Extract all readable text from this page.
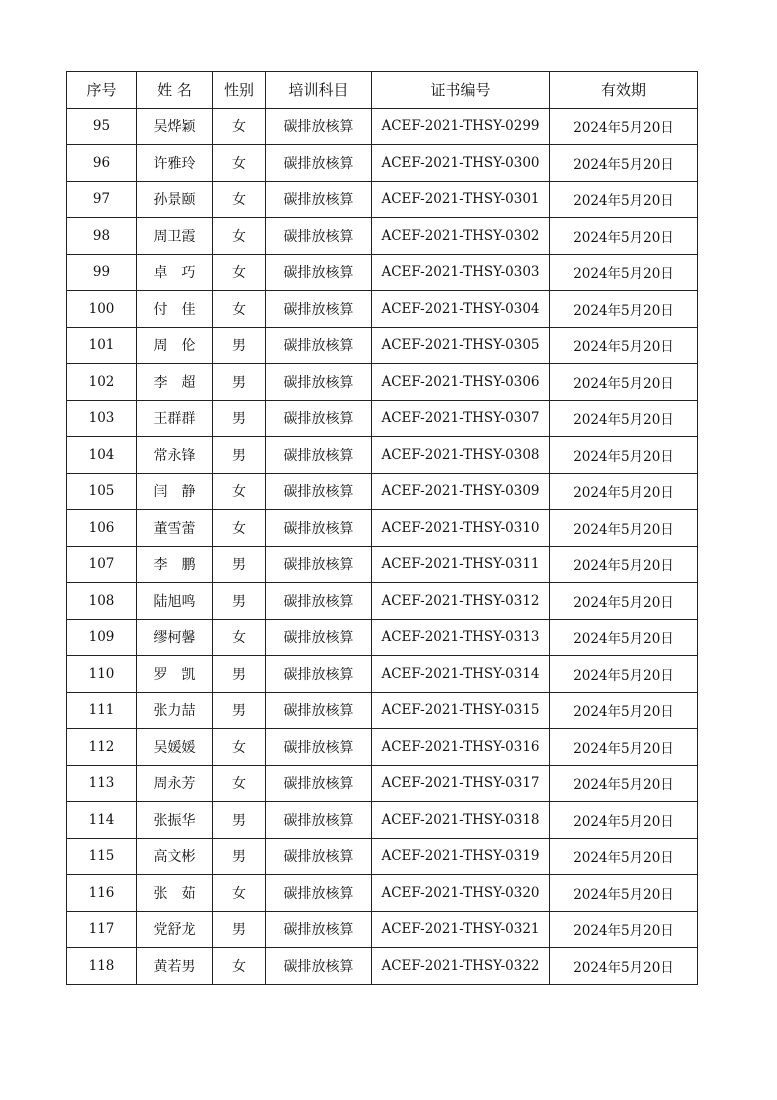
序号	姓 名	性别	培训科目	证书编号	有效期
95	吴烨颖	女	碳排放核算	ACEF-2021-THSY-0299	2024年5月20日
96	许雅玲	女	碳排放核算	ACEF-2021-THSY-0300	2024年5月20日
97	孙景颐	女	碳排放核算	ACEF-2021-THSY-0301	2024年5月20日
98	周卫霞	女	碳排放核算	ACEF-2021-THSY-0302	2024年5月20日
99	卓　巧	女	碳排放核算	ACEF-2021-THSY-0303	2024年5月20日
100	付　佳	女	碳排放核算	ACEF-2021-THSY-0304	2024年5月20日
101	周　伦	男	碳排放核算	ACEF-2021-THSY-0305	2024年5月20日
102	李　超	男	碳排放核算	ACEF-2021-THSY-0306	2024年5月20日
103	王群群	男	碳排放核算	ACEF-2021-THSY-0307	2024年5月20日
104	常永锋	男	碳排放核算	ACEF-2021-THSY-0308	2024年5月20日
105	闫　静	女	碳排放核算	ACEF-2021-THSY-0309	2024年5月20日
106	董雪蕾	女	碳排放核算	ACEF-2021-THSY-0310	2024年5月20日
107	李　鹏	男	碳排放核算	ACEF-2021-THSY-0311	2024年5月20日
108	陆旭鸣	男	碳排放核算	ACEF-2021-THSY-0312	2024年5月20日
109	缪柯馨	女	碳排放核算	ACEF-2021-THSY-0313	2024年5月20日
110	罗　凯	男	碳排放核算	ACEF-2021-THSY-0314	2024年5月20日
111	张力喆	男	碳排放核算	ACEF-2021-THSY-0315	2024年5月20日
112	吴媛媛	女	碳排放核算	ACEF-2021-THSY-0316	2024年5月20日
113	周永芳	女	碳排放核算	ACEF-2021-THSY-0317	2024年5月20日
114	张振华	男	碳排放核算	ACEF-2021-THSY-0318	2024年5月20日
115	高文彬	男	碳排放核算	ACEF-2021-THSY-0319	2024年5月20日
116	张　茹	女	碳排放核算	ACEF-2021-THSY-0320	2024年5月20日
117	党舒龙	男	碳排放核算	ACEF-2021-THSY-0321	2024年5月20日
118	黄若男	女	碳排放核算	ACEF-2021-THSY-0322	2024年5月20日
